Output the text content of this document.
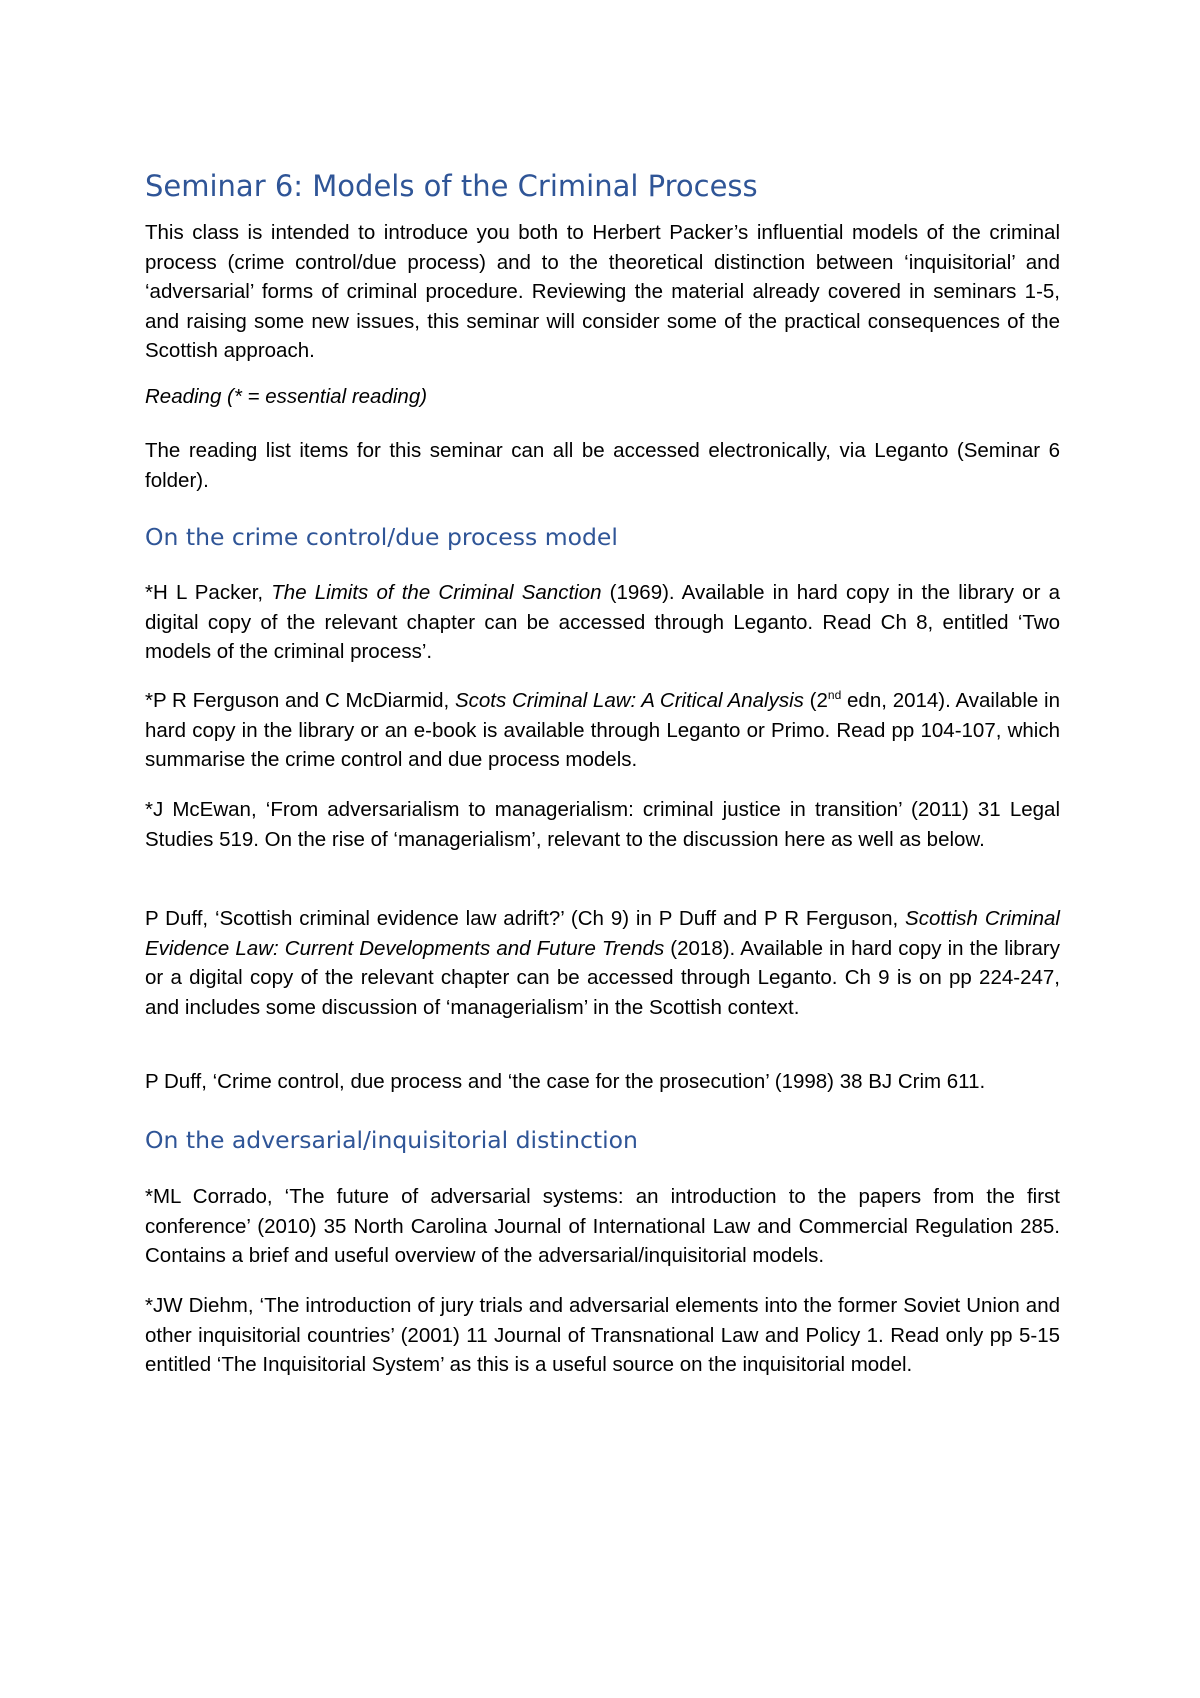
Seminar 6: Models of the Criminal Process

This class is intended to introduce you both to Herbert Packer’s influential models of the criminal process (crime control/due process) and to the theoretical distinction between ‘inquisitorial’ and ‘adversarial’ forms of criminal procedure. Reviewing the material already covered in seminars 1-5, and raising some new issues, this seminar will consider some of the practical consequences of the Scottish approach.

Reading (* = essential reading)

The reading list items for this seminar can all be accessed electronically, via Leganto (Seminar 6 folder).

On the crime control/due process model

*H L Packer, The Limits of the Criminal Sanction (1969). Available in hard copy in the library or a digital copy of the relevant chapter can be accessed through Leganto. Read Ch 8, entitled ‘Two models of the criminal process’.

*P R Ferguson and C McDiarmid, Scots Criminal Law: A Critical Analysis (2nd edn, 2014). Available in hard copy in the library or an e-book is available through Leganto or Primo. Read pp 104-107, which summarise the crime control and due process models.

*J McEwan, ‘From adversarialism to managerialism: criminal justice in transition’ (2011) 31 Legal Studies 519. On the rise of ‘managerialism’, relevant to the discussion here as well as below.

P Duff, ‘Scottish criminal evidence law adrift?’ (Ch 9) in P Duff and P R Ferguson, Scottish Criminal Evidence Law: Current Developments and Future Trends (2018). Available in hard copy in the library or a digital copy of the relevant chapter can be accessed through Leganto. Ch 9 is on pp 224-247, and includes some discussion of ‘managerialism’ in the Scottish context.

P Duff, ‘Crime control, due process and ‘the case for the prosecution’ (1998) 38 BJ Crim 611.

On the adversarial/inquisitorial distinction

*ML Corrado, ‘The future of adversarial systems: an introduction to the papers from the first conference’ (2010) 35 North Carolina Journal of International Law and Commercial Regulation 285. Contains a brief and useful overview of the adversarial/inquisitorial models.

*JW Diehm, ‘The introduction of jury trials and adversarial elements into the former Soviet Union and other inquisitorial countries’ (2001) 11 Journal of Transnational Law and Policy 1. Read only pp 5-15 entitled ‘The Inquisitorial System’ as this is a useful source on the inquisitorial model.
